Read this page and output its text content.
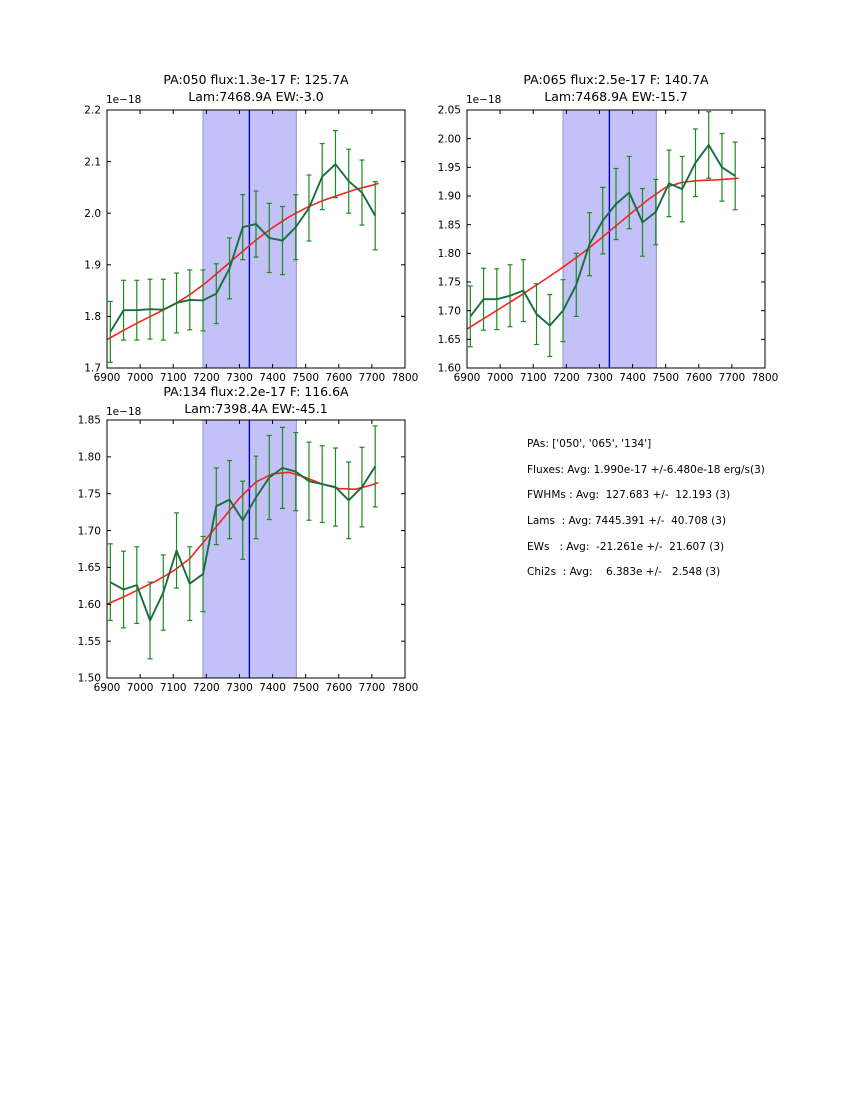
6900 7000 7100 7200 7300 7400 7500 7600 7700 7800
2.2
2.1
2.0
1.9
1.8
1.7
6900 7000 7100 7200 7300 7400 7500 7600 7700 7800
2.05
2.00
1.95
1.90
1.85
1.80
1.75
1.70
1.65
1.60
6900 7000 7100 7200 7300 7400 7500 7600 7700 7800
1.85
1.80
1.75
1.70
1.65
1.60
1.55
1.50
PA:050 flux:1.3e-17 F: 125.7A
Lam:7468.9A EW:-3.0
1e−18
PA:065 flux:2.5e-17 F: 140.7A
Lam:7468.9A EW:-15.7
1e−18
PA:134 flux:2.2e-17 F: 116.6A
Lam:7398.4A EW:-45.1
1e−18
PAs: ['050', '065', '134']
Fluxes: Avg: 1.990e-17 +/-6.480e-18 erg/s(3)
FWHMs : Avg:  127.683 +/-  12.193 (3)
Lams  : Avg: 7445.391 +/-  40.708 (3)
EWs   : Avg:  -21.261e +/-  21.607 (3)
Chi2s  : Avg:    6.383e +/-   2.548 (3)
